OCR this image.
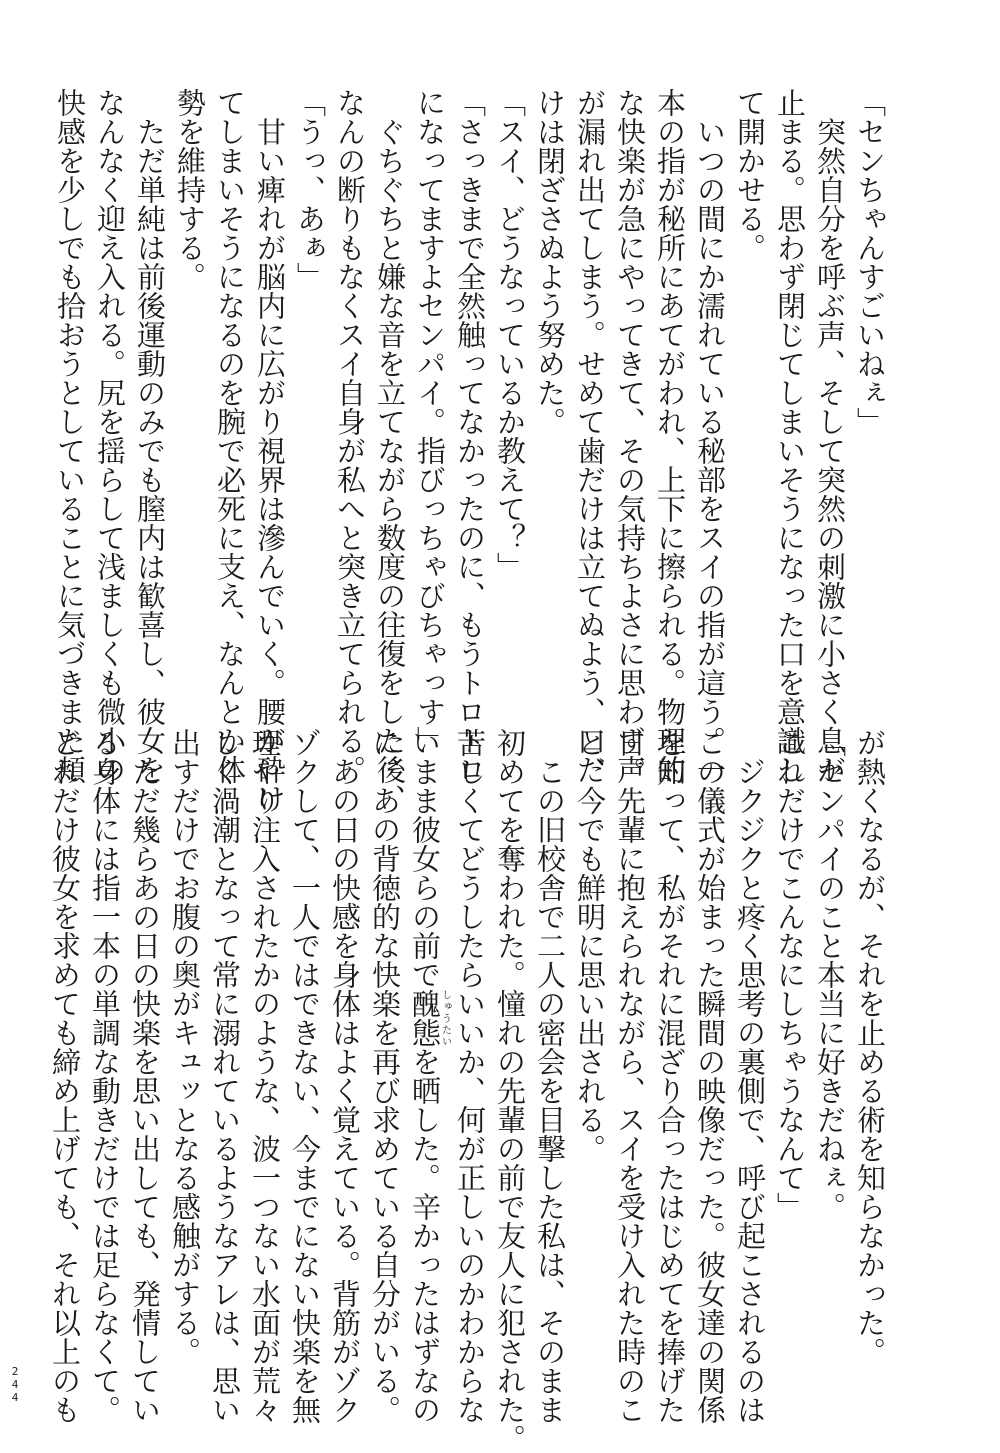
「センちゃんすごいねぇ」
　突然自分を呼ぶ声、そして突然の刺激に小さく息が
止まる。思わず閉じてしまいそうになった口を意識し
て開かせる。
　いつの間にか濡れている秘部をスイの指が這う。一
本の指が秘所にあてがわれ、上下に擦られる。物理的
な快楽が急にやってきて、その気持ちよさに思わず声
が漏れ出てしまう。せめて歯だけは立てぬよう、口だ
けは閉ざさぬよう努めた。
「スイ、どうなっているか教えて？」
「さっきまで全然触ってなかったのに、もうトロトロ
になってますよセンパイ。指びっちゃびちゃっす」
　ぐちぐちと嫌な音を立てながら数度の往復をした後、
なんの断りもなくスイ自身が私へと突き立てられる。
「うっ、あぁ」
　甘い痺れが脳内に広がり視界は滲んでいく。腰が砕け
てしまいそうになるのを腕で必死に支え、なんとか体
勢を維持する。
　ただ単純は前後運動のみでも膣内は歓喜し、彼女を
なんなく迎え入れる。尻を揺らして浅ましくも微小の
快感を少しでも拾おうとしていることに気づきまた頬
が熱くなるが、それを止める術を知らなかった。
「センパイのこと本当に好きだねぇ。
これだけでこんなにしちゃうなんて」
　ジクジクと疼く思考の裏側で、呼び起こされるのは
この儀式が始まった瞬間の映像だった。彼女達の関係
を知って、私がそれに混ざり合ったはじめてを捧げた
日。先輩に抱えられながら、スイを受け入れた時のこ
と、今でも鮮明に思い出される。
　この旧校舎で二人の密会を目撃した私は、そのまま
初めてを奪われた。憧れの先輩の前で友人に犯された。
苦しくてどうしたらいいか、何が正しいのかわからな
いまま彼女らの前で醜態しゅうたいを晒した。辛かったはずなの
に、あの背徳的な快楽を再び求めている自分がいる。
　あの日の快感を身体はよく覚えている。背筋がゾク
ゾクして、一人ではできない、今までにない快楽を無
理やり注入されたかのような、波一つない水面が荒々
しく渦潮となって常に溺れているようなアレは、思い
出すだけでお腹の奥がキュッとなる感触がする。
　ただ幾らあの日の快楽を思い出しても、発情してい
る身体には指一本の単調な動きだけでは足らなくて。
どれだけ彼女を求めても締め上げても、それ以上のも
244
